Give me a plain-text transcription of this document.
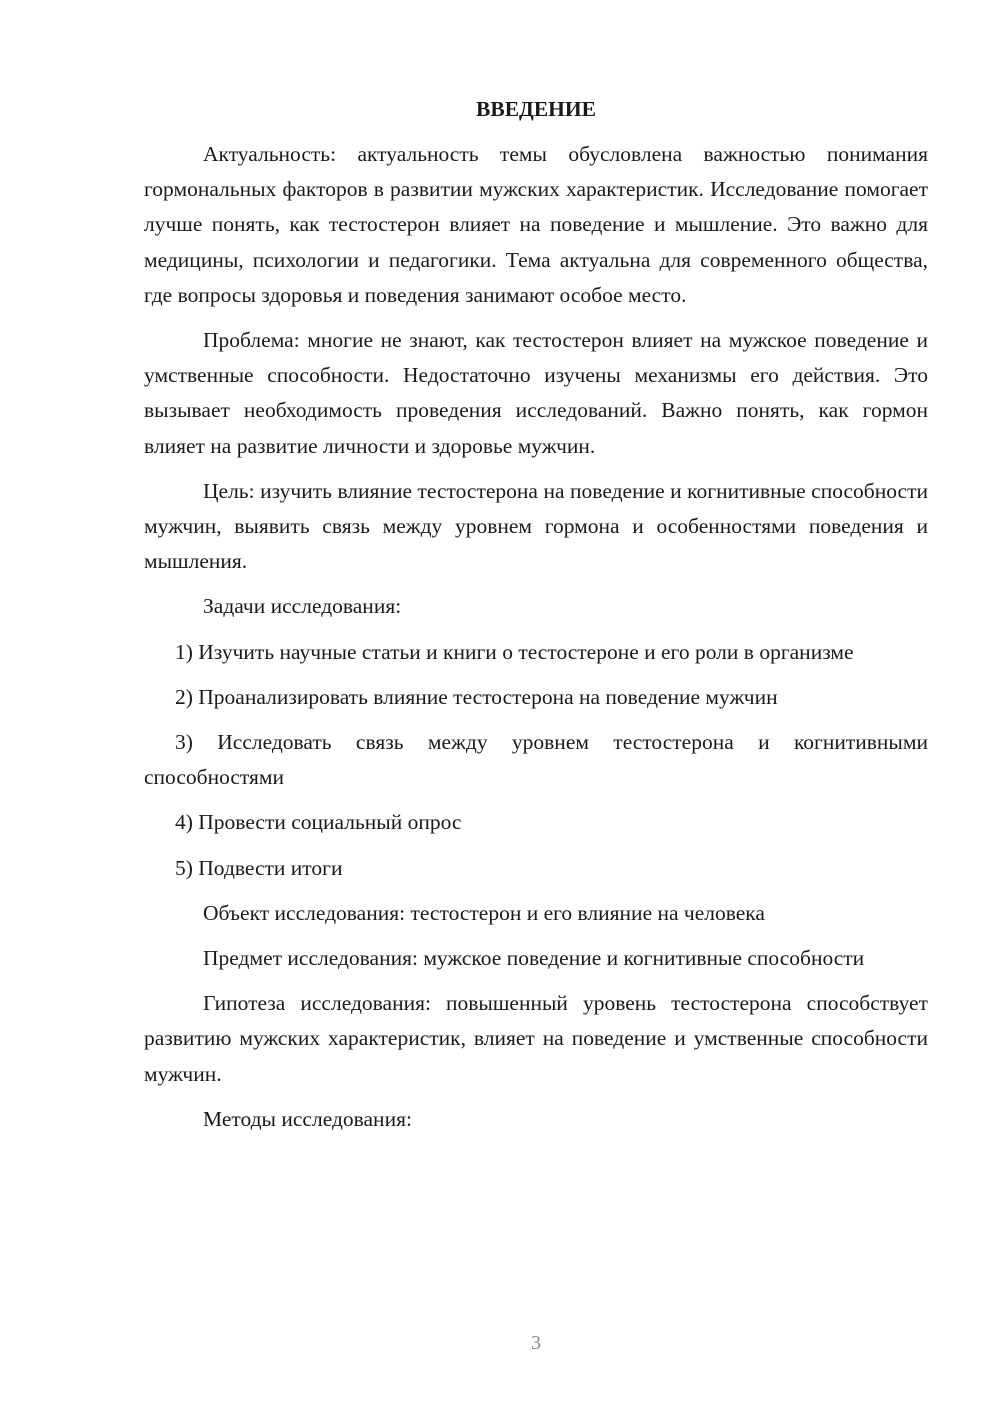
ВВЕДЕНИЕ

Актуальность: актуальность темы обусловлена важностью понимания гормональных факторов в развитии мужских характеристик. Исследование помогает лучше понять, как тестостерон влияет на поведение и мышление. Это важно для медицины, психологии и педагогики. Тема актуальна для современного общества, где вопросы здоровья и поведения занимают особое место.

Проблема: многие не знают, как тестостерон влияет на мужское поведение и умственные способности. Недостаточно изучены механизмы его действия. Это вызывает необходимость проведения исследований. Важно понять, как гормон влияет на развитие личности и здоровье мужчин.

Цель: изучить влияние тестостерона на поведение и когнитивные способности мужчин, выявить связь между уровнем гормона и особенностями поведения и мышления.

Задачи исследования:

1) Изучить научные статьи и книги о тестостероне и его роли в организме

2) Проанализировать влияние тестостерона на поведение мужчин

3) Исследовать связь между уровнем тестостерона и когнитивными способностями

4) Провести социальный опрос

5) Подвести итоги

Объект исследования: тестостерон и его влияние на человека

Предмет исследования: мужское поведение и когнитивные способности

Гипотеза исследования: повышенный уровень тестостерона способствует развитию мужских характеристик, влияет на поведение и умственные способности мужчин.

Методы исследования:

3
